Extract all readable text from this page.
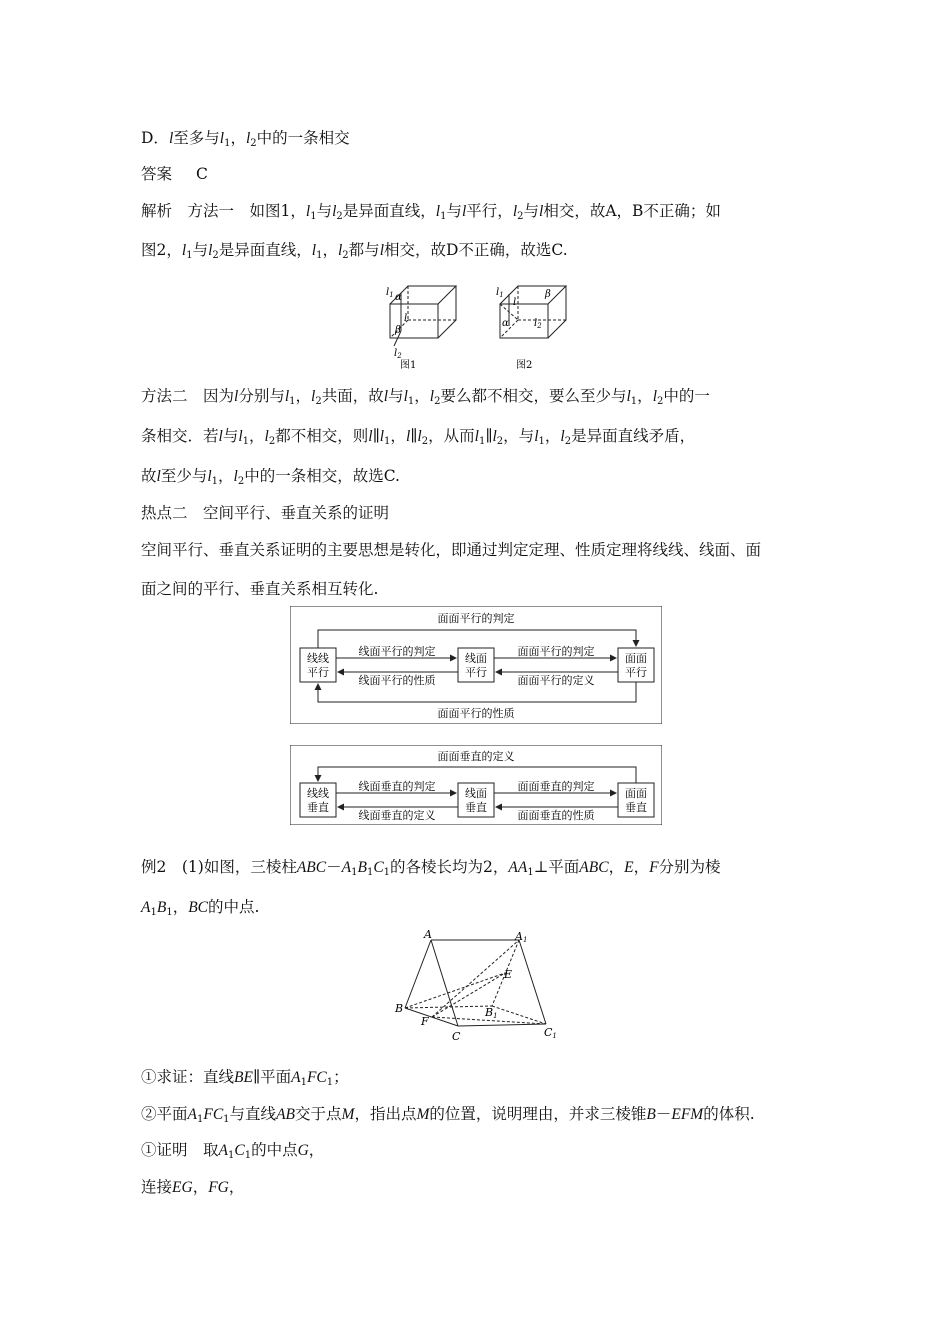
D．l至多与$l_1$，$l_2$中的一条相交
答案 C
解析　方法一　如图1，$l_1$与$l_2$是异面直线，$l_1$与l平行，$l_2$与l相交，故A，B不正确；如
图2，$l_1$与$l_2$是异面直线，$l_1$，$l_2$都与l相交，故D不正确，故选C.
$l_1$ α
l
β
$l_2$
图1
$l_1$
l
β
α	$l_2$
图2
方法二　因为l分别与$l_1$，$l_2$共面，故l与$l_1$，$l_2$要么都不相交，要么至少与$l_1$，$l_2$中的一
条相交．若l与$l_1$，$l_2$都不相交，则$l\parallel l_1$，$l\parallel l_2$，从而$l_1\parallel l_2$，与$l_1$，$l_2$是异面直线矛盾，
故l至少与$l_1$，$l_2$中的一条相交，故选C.
热点二　空间平行、垂直关系的证明
空间平行、垂直关系证明的主要思想是转化，即通过判定定理、性质定理将线线、线面、面
面之间的平行、垂直关系相互转化.
线线
平行
线面
平行
面面
平行
面面平行的判定
面面平行的性质
线面平行的判定
线面平行的性质
面面平行的判定
面面平行的定义
线线
垂直
线面
垂直
面面
垂直
面面垂直的定义
线面垂直的判定
线面垂直的定义
面面垂直的判定
面面垂直的性质
例2　(1)如图，三棱柱$ABC-A_1B_1C_1$的各棱长均为2，$AA_1\perp$平面ABC，E，F分别为棱
$A_1B_1$，BC的中点.
A	A1
E
B
F
B1
C	C1
①求证：直线BE∥平面$A_1FC_1$；
②平面$A_1FC_1$与直线AB交于点M，指出点M的位置，说明理由，并求三棱锥B－EFM的体积.
①证明　取$A_1C_1$的中点G，
连接EG，FG，
